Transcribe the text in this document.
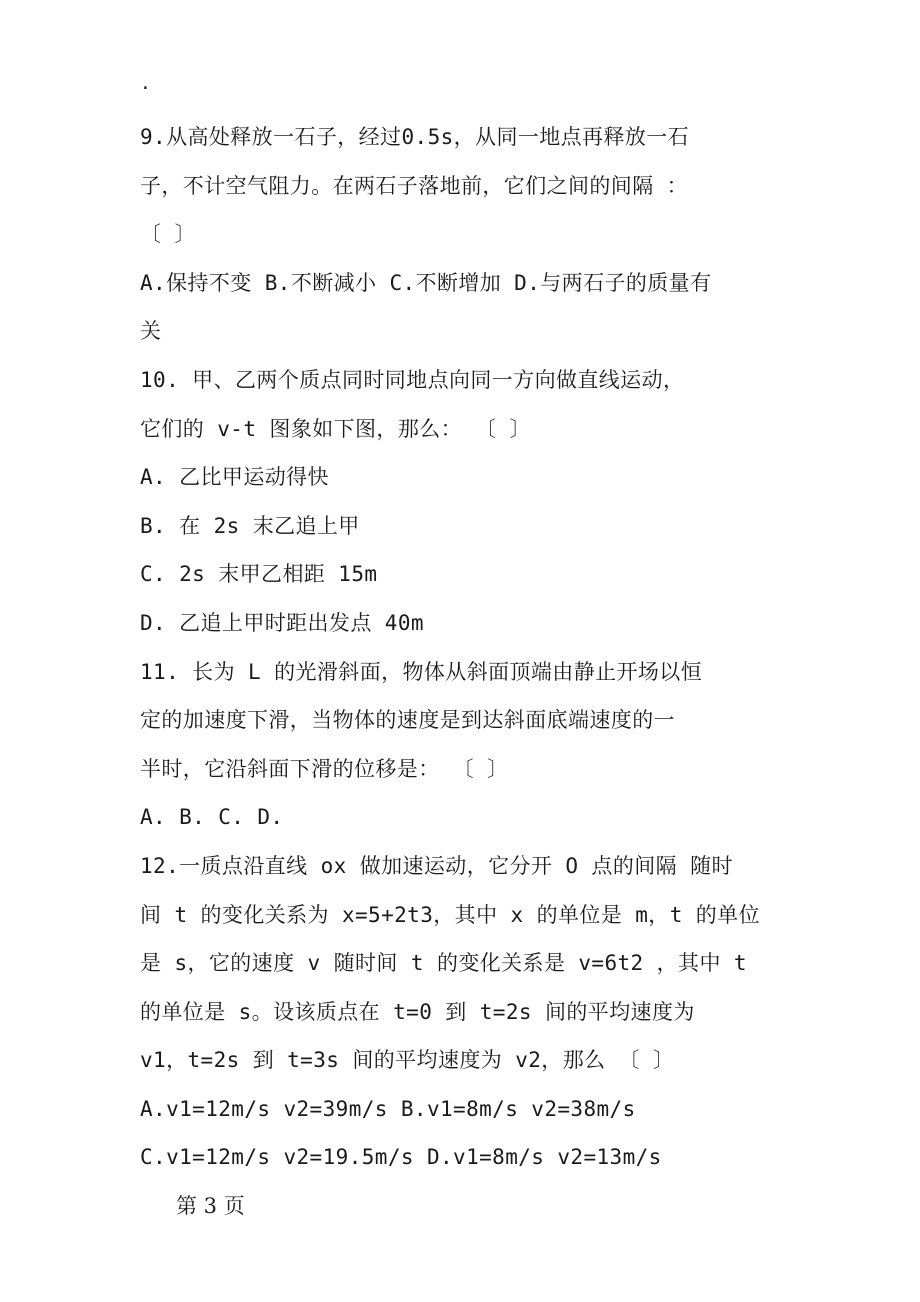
.
9.从高处释放一石子，经过0.5s，从同一地点再释放一石
子，不计空气阻力。在两石子落地前，它们之间的间隔 ：
〔 〕
A.保持不变 B.不断减小 C.不断增加 D.与两石子的质量有
关
10. 甲、乙两个质点同时同地点向同一方向做直线运动，
它们的 v-t 图象如下图，那么： 〔 〕
A. 乙比甲运动得快
B. 在 2s 末乙追上甲
C. 2s 末甲乙相距 15m
D. 乙追上甲时距出发点 40m
11. 长为 L 的光滑斜面，物体从斜面顶端由静止开场以恒
定的加速度下滑，当物体的速度是到达斜面底端速度的一
半时，它沿斜面下滑的位移是： 〔 〕
A. B. C. D.
12.一质点沿直线 ox 做加速运动，它分开 O 点的间隔 随时
间 t 的变化关系为 x=5+2t3，其中 x 的单位是 m，t 的单位
是 s，它的速度 v 随时间 t 的变化关系是 v=6t2 ，其中 t
的单位是 s。设该质点在 t=0 到 t=2s 间的平均速度为
v1，t=2s 到 t=3s 间的平均速度为 v2，那么 〔 〕
A.v1=12m/s v2=39m/s B.v1=8m/s v2=38m/s
C.v1=12m/s v2=19.5m/s D.v1=8m/s v2=13m/s
第 3 页
